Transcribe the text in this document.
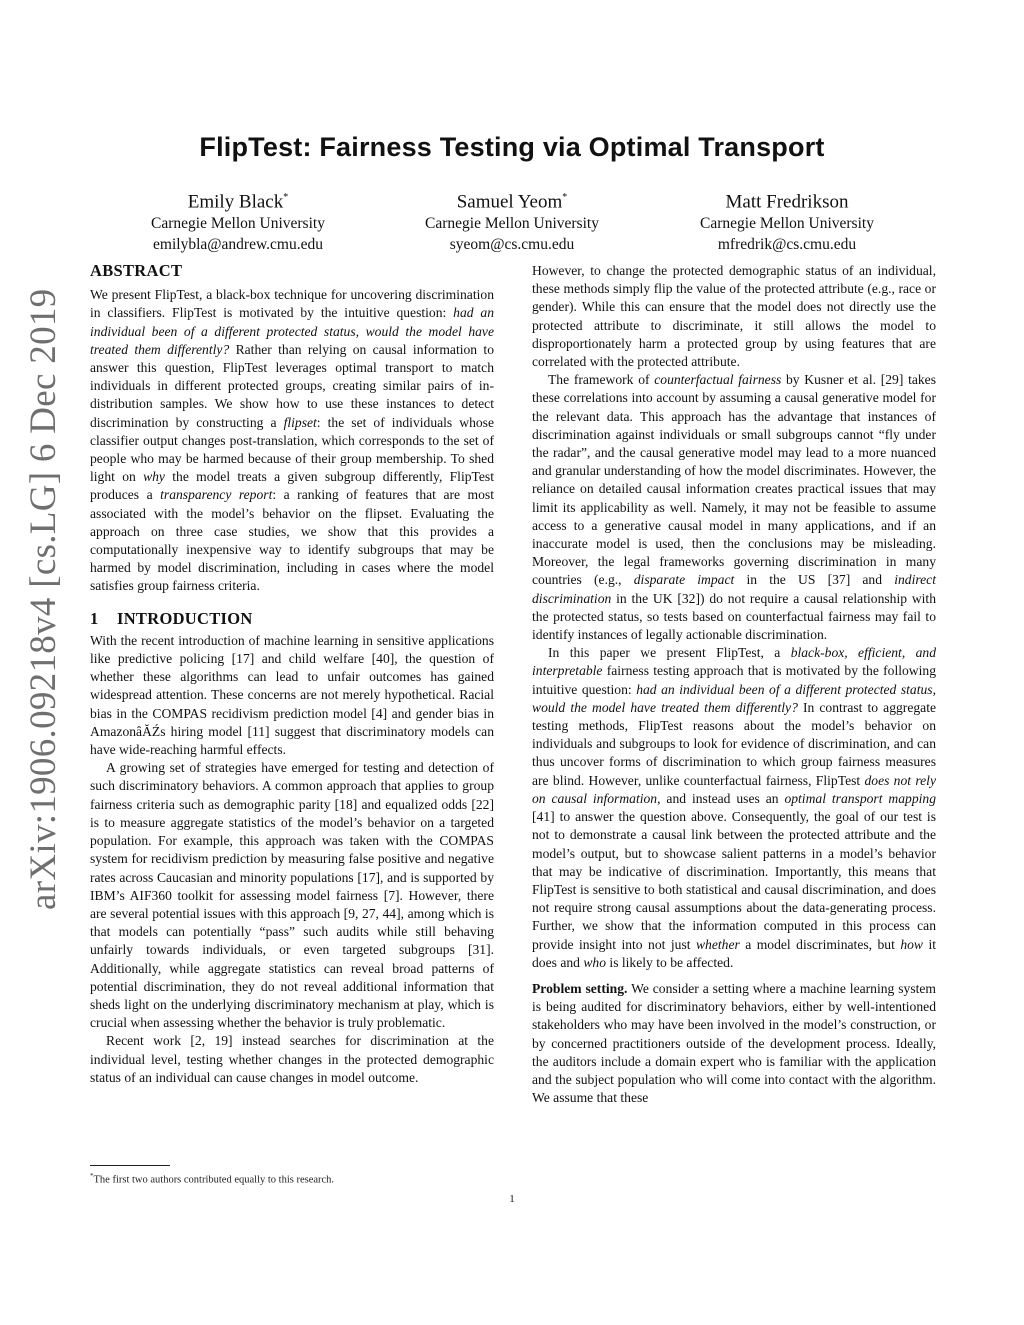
arXiv:1906.09218v4 [cs.LG] 6 Dec 2019
FlipTest: Fairness Testing via Optimal Transport
Emily Black*
Carnegie Mellon University
emilybla@andrew.cmu.edu
Samuel Yeom*
Carnegie Mellon University
syeom@cs.cmu.edu
Matt Fredrikson
Carnegie Mellon University
mfredrik@cs.cmu.edu
ABSTRACT

We present FlipTest, a black-box technique for uncovering discrimination in classifiers. FlipTest is motivated by the intuitive question: had an individual been of a different protected status, would the model have treated them differently? Rather than relying on causal information to answer this question, FlipTest leverages optimal transport to match individuals in different protected groups, creating similar pairs of in-distribution samples. We show how to use these instances to detect discrimination by constructing a flipset: the set of individuals whose classifier output changes post-translation, which corresponds to the set of people who may be harmed because of their group membership. To shed light on why the model treats a given subgroup differently, FlipTest produces a transparency report: a ranking of features that are most associated with the model’s behavior on the flipset. Evaluating the approach on three case studies, we show that this provides a computationally inexpensive way to identify subgroups that may be harmed by model discrimination, including in cases where the model satisfies group fairness criteria.

1 INTRODUCTION

With the recent introduction of machine learning in sensitive applications like predictive policing [17] and child welfare [40], the question of whether these algorithms can lead to unfair outcomes has gained widespread attention. These concerns are not merely hypothetical. Racial bias in the COMPAS recidivism prediction model [4] and gender bias in AmazonâĂŹs hiring model [11] suggest that discriminatory models can have wide-reaching harmful effects.

A growing set of strategies have emerged for testing and detection of such discriminatory behaviors. A common approach that applies to group fairness criteria such as demographic parity [18] and equalized odds [22] is to measure aggregate statistics of the model’s behavior on a targeted population. For example, this approach was taken with the COMPAS system for recidivism prediction by measuring false positive and negative rates across Caucasian and minority populations [17], and is supported by IBM’s AIF360 toolkit for assessing model fairness [7]. However, there are several potential issues with this approach [9, 27, 44], among which is that models can potentially “pass” such audits while still behaving unfairly towards individuals, or even targeted subgroups [31]. Additionally, while aggregate statistics can reveal broad patterns of potential discrimination, they do not reveal additional information that sheds light on the underlying discriminatory mechanism at play, which is crucial when assessing whether the behavior is truly problematic.

Recent work [2, 19] instead searches for discrimination at the individual level, testing whether changes in the protected demographic status of an individual can cause changes in model outcome.

However, to change the protected demographic status of an individual, these methods simply flip the value of the protected attribute (e.g., race or gender). While this can ensure that the model does not directly use the protected attribute to discriminate, it still allows the model to disproportionately harm a protected group by using features that are correlated with the protected attribute.

The framework of counterfactual fairness by Kusner et al. [29] takes these correlations into account by assuming a causal generative model for the relevant data. This approach has the advantage that instances of discrimination against individuals or small subgroups cannot “fly under the radar”, and the causal generative model may lead to a more nuanced and granular understanding of how the model discriminates. However, the reliance on detailed causal information creates practical issues that may limit its applicability as well. Namely, it may not be feasible to assume access to a generative causal model in many applications, and if an inaccurate model is used, then the conclusions may be misleading. Moreover, the legal frameworks governing discrimination in many countries (e.g., disparate impact in the US [37] and indirect discrimination in the UK [32]) do not require a causal relationship with the protected status, so tests based on counterfactual fairness may fail to identify instances of legally actionable discrimination.

In this paper we present FlipTest, a black-box, efficient, and interpretable fairness testing approach that is motivated by the following intuitive question: had an individual been of a different protected status, would the model have treated them differently? In contrast to aggregate testing methods, FlipTest reasons about the model’s behavior on individuals and subgroups to look for evidence of discrimination, and can thus uncover forms of discrimination to which group fairness measures are blind. However, unlike counterfactual fairness, FlipTest does not rely on causal information, and instead uses an optimal transport mapping [41] to answer the question above. Consequently, the goal of our test is not to demonstrate a causal link between the protected attribute and the model’s output, but to showcase salient patterns in a model’s behavior that may be indicative of discrimination. Importantly, this means that FlipTest is sensitive to both statistical and causal discrimination, and does not require strong causal assumptions about the data-generating process. Further, we show that the information computed in this process can provide insight into not just whether a model discriminates, but how it does and who is likely to be affected.

Problem setting. We consider a setting where a machine learning system is being audited for discriminatory behaviors, either by well-intentioned stakeholders who may have been involved in the model’s construction, or by concerned practitioners outside of the development process. Ideally, the auditors include a domain expert who is familiar with the application and the subject population who will come into contact with the algorithm. We assume that these

*The first two authors contributed equally to this research.
1
